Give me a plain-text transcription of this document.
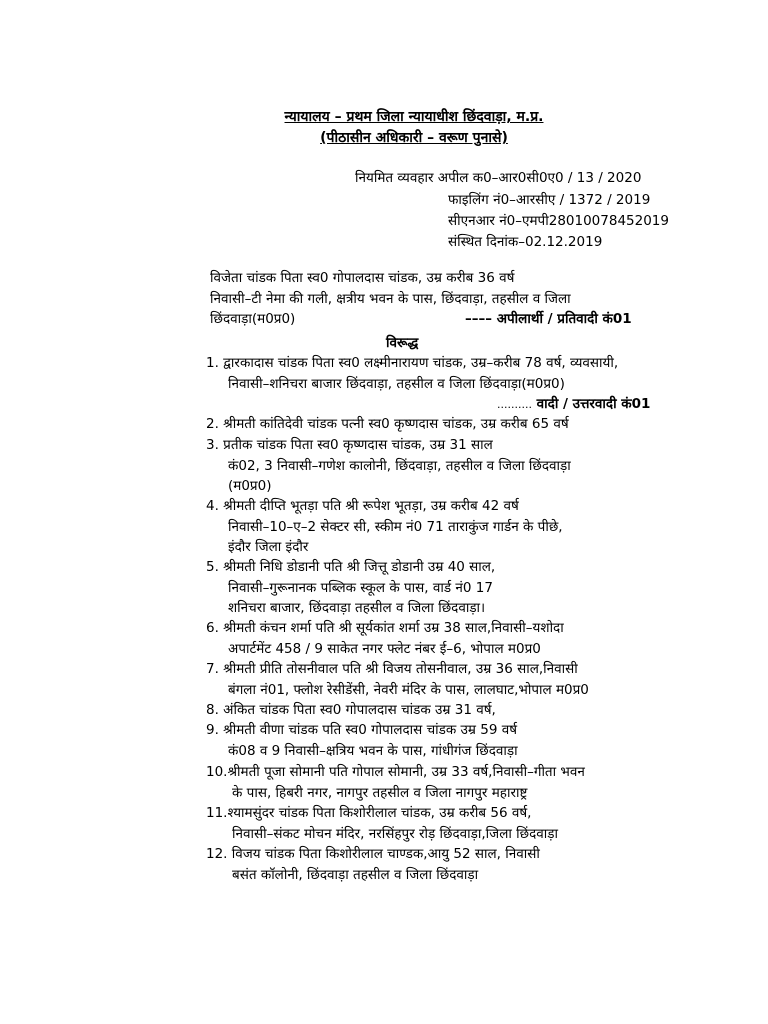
न्यायालय – प्रथम जिला न्यायाधीश छिंदवाड़ा, म.प्र.
(पीठासीन अधिकारी – वरूण पुनासे)
नियमित व्यवहार अपील क0–आर0सी0ए0 / 13 / 2020
फाइलिंग नं0–आरसीए / 1372 / 2019
सीएनआर नं0–एमपी28010078452019
संस्थित दिनांक–02.12.2019
विजेता चांडक पिता स्व0 गोपालदास चांडक, उम्र करीब 36 वर्ष
निवासी–टी नेमा की गली, क्षत्रीय भवन के पास, छिंदवाड़ा, तहसील व जिला
छिंदवाड़ा(म0प्र0)	–––– अपीलार्थी / प्रतिवादी कं01
विरूद्ध
1. द्वारकादास चांडक पिता स्व0 लक्ष्मीनारायण चांडक, उम्र–करीब 78 वर्ष, व्यवसायी,
निवासी–शनिचरा बाजार छिंदवाड़ा, तहसील व जिला छिंदवाड़ा(म0प्र0)
.......... वादी / उत्तरवादी कं01
2. श्रीमती कांतिदेवी चांडक पत्नी स्व0 कृष्णदास चांडक, उम्र करीब 65 वर्ष
3. प्रतीक चांडक पिता स्व0 कृष्णदास चांडक, उम्र 31 साल
कं02, 3 निवासी–गणेश कालोनी, छिंदवाड़ा, तहसील व जिला छिंदवाड़ा
(म0प्र0)
4. श्रीमती दीप्ति भूतड़ा पति श्री रूपेश भूतड़ा, उम्र करीब 42 वर्ष
निवासी–10–ए–2 सेक्टर सी, स्कीम नं0 71 ताराकुंज गार्डन के पीछे,
इंदौर जिला इंदौर
5. श्रीमती निधि डोडानी पति श्री जित्तू डोडानी उम्र 40 साल,
निवासी–गुरूनानक पब्लिक स्कूल के पास, वार्ड नं0 17
शनिचरा बाजार, छिंदवाड़ा तहसील व जिला छिंदवाड़ा।
6. श्रीमती कंचन शर्मा पति श्री सूर्यकांत शर्मा उम्र 38 साल,निवासी–यशोदा
अपार्टमेंट 458 / 9 साकेत नगर फ्लेट नंबर ई–6, भोपाल म0प्र0
7. श्रीमती प्रीति तोसनीवाल पति श्री विजय तोसनीवाल, उम्र 36 साल,निवासी
बंगला नं01, फ्लोश रेसीडेंसी, नेवरी मंदिर के पास, लालघाट,भोपाल म0प्र0
8. अंकित चांडक पिता स्व0 गोपालदास चांडक उम्र 31 वर्ष,
9. श्रीमती वीणा चांडक पति स्व0 गोपालदास चांडक उम्र 59 वर्ष
कं08 व 9 निवासी–क्षत्रिय भवन के पास, गांधीगंज छिंदवाड़ा
10.श्रीमती पूजा सोमानी पति गोपाल सोमानी, उम्र 33 वर्ष,निवासी–गीता भवन
के पास, हिबरी नगर, नागपुर तहसील व जिला नागपुर महाराष्ट्र
11.श्यामसुंदर चांडक पिता किशोरीलाल चांडक, उम्र करीब 56 वर्ष,
निवासी–संकट मोचन मंदिर, नरसिंहपुर रोड़ छिंदवाड़ा,जिला छिंदवाड़ा
12. विजय चांडक पिता किशोरीलाल चाण्डक,आयु 52 साल, निवासी
बसंत कॉलोनी, छिंदवाड़ा तहसील व जिला छिंदवाड़ा
